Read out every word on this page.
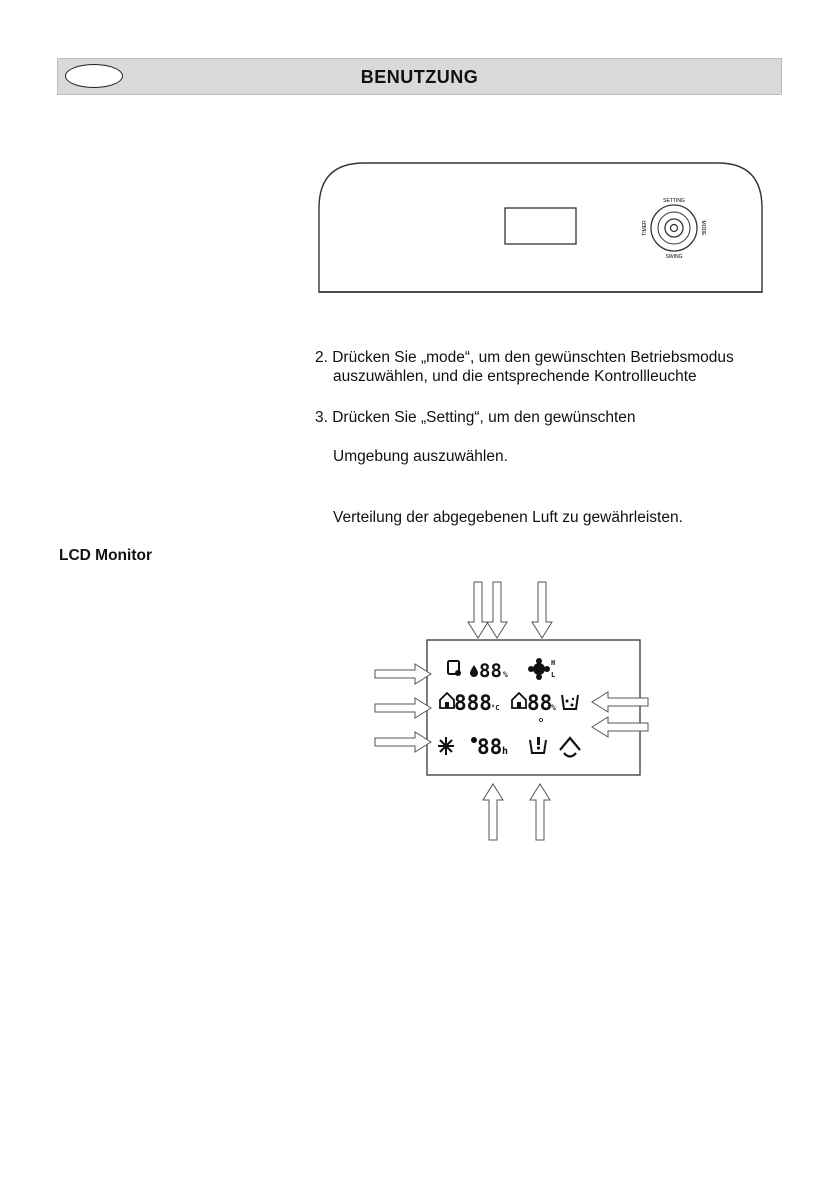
BENUTZUNG
SETTING
MODE
SWING
TIMER
2. Drücken Sie „mode“, um den gewünschten Betriebsmodus

auszuwählen, und die entsprechende Kontrollleuchte
3. Drücken Sie „Setting“, um den gewünschten
Umgebung auszuwählen.
Verteilung der abgegebenen Luft zu gewährleisten.
LCD Monitor
88 %
H
L
888 °C 88
%
88 h
